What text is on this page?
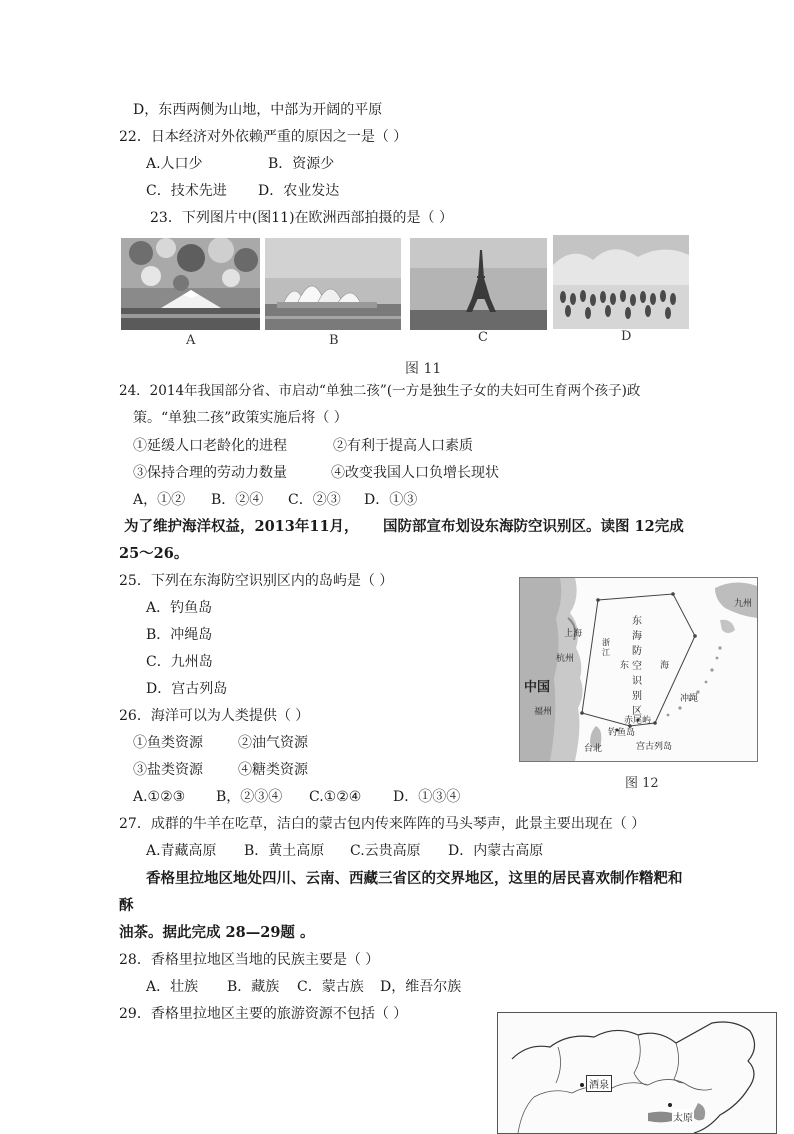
D，东西两侧为山地，中部为开阔的平原
22．日本经济对外依赖严重的原因之一是（ ）
A.人口少	B．资源少
C．技术先进 D．农业发达
23．下列图片中(图11)在欧洲西部拍摄的是（ ）
A	B	C	D
图 11
24．2014年我国部分省、市启动“单独二孩”(一方是独生子女的夫妇可生育两个孩子)政
策。“单独二孩”政策实施后将（ ）
①延缓人口老龄化的进程	②有利于提高人口素质
③保持合理的劳动力数量	④改变我国人口负增长现状
A，①② B．②④ C．②③ D．①③
为了维护海洋权益，2013年11月， 国防部宣布划设东海防空识别区。读图 12完成
25～26。
25．下列在东海防空识别区内的岛屿是（ ）
A．钓鱼岛
B．冲绳岛
C．九州岛
D．宫古列岛
上海
杭州
中国
福州
台北
东海防空识别区
东	海
浙江
九州
冲绳
赤尾屿
钓鱼岛
宫古列岛
图 12
26．海洋可以为人类提供（ ）
①鱼类资源	②油气资源
③盐类资源	④糖类资源
A.①②③ B，②③④ C.①②④ D．①③④
27．成群的牛羊在吃草，洁白的蒙古包内传来阵阵的马头琴声，此景主要出现在（ ）
A.青藏高原 B．黄土高原 C.云贵高原 D．内蒙古高原
香格里拉地区地处四川、云南、西藏三省区的交界地区，这里的居民喜欢制作糌粑和
酥
油茶。据此完成 28—29题 。
28．香格里拉地区当地的民族主要是（ ）
A．壮族 B．藏族 C．蒙古族 D，维吾尔族
29．香格里拉地区主要的旅游资源不包括（ ）
酒泉
太原
